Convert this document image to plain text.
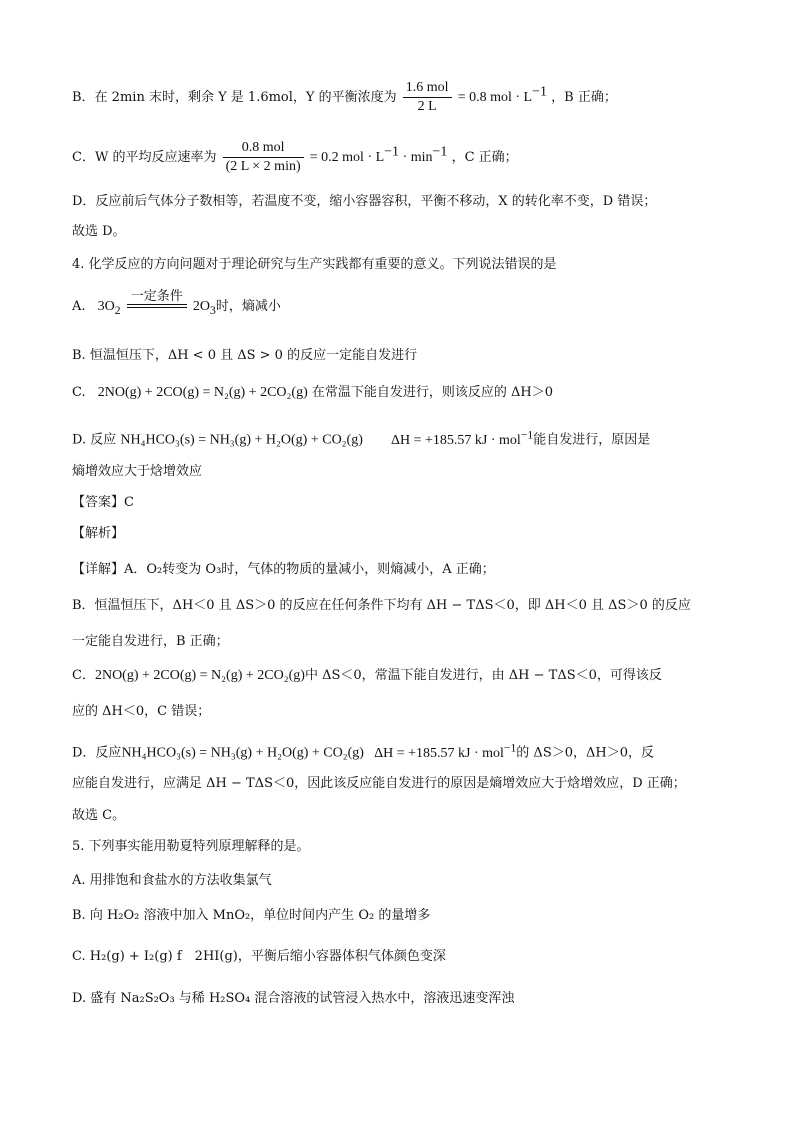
B．在 2min 末时，剩余 Y 是 1.6mol，Y 的平衡浓度为 $\frac{\text{1.6 mol}}{2 L} = 0.8$ mol · $L^{-1}$ ，B 正确；
C．W 的平均反应速率为 $\frac{\text{0.8 mol}}{(2 L \times 2 \min)} = 0.2$ mol · $L^{-1} \cdot \min^{-1}$ ，C 正确；
D．反应前后气体分子数相等，若温度不变，缩小容器容积，平衡不移动，X 的转化率不变，D 错误；
故选 D。
4. 化学反应的方向问题对于理论研究与生产实践都有重要的意义。下列说法错误的是
A. $3O_2$
一定条件
$2O_3$时，熵减小
B. 恒温恒压下，ΔH < 0 且 ΔS > 0 的反应一定能自发进行
C. 2NO(g) + 2CO(g) = N₂(g) + 2CO₂(g) 在常温下能自发进行，则该反应的 ΔH＞0
D. 反应 NH₄HCO₃(s) = NH₃(g) + H₂O(g) + CO₂(g) ΔH = +185.57 kJ · mol$^{-1}$能自发进行，原因是
熵增效应大于焓增效应
【答案】C
【解析】
【详解】A．O₂转变为 O₃时，气体的物质的量减小，则熵减小，A 正确；
B．恒温恒压下，ΔH＜0 且 ΔS＞0 的反应在任何条件下均有 ΔH − TΔS＜0，即 ΔH＜0 且 ΔS＞0 的反应
一定能自发进行，B 正确；
C．2NO(g) + 2CO(g) = N₂(g) + 2CO₂(g)中 ΔS＜0，常温下能自发进行，由 ΔH − TΔS＜0，可得该反
应的 ΔH＜0，C 错误；
D．反应NH₄HCO₃(s) = NH₃(g) + H₂O(g) + CO₂(g) ΔH = +185.57 kJ · mol$^{-1}$的 ΔS＞0，ΔH＞0，反
应能自发进行，应满足 ΔH − TΔS＜0，因此该反应能自发进行的原因是熵增效应大于焓增效应，D 正确；
故选 C。
5. 下列事实能用勒夏特列原理解释的是。
A. 用排饱和食盐水的方法收集氯气
B. 向 H₂O₂ 溶液中加入 MnO₂，单位时间内产生 O₂ 的量增多
C. H₂(g) + I₂(g) f　2HI(g)，平衡后缩小容器体积气体颜色变深
D. 盛有 Na₂S₂O₃ 与稀 H₂SO₄ 混合溶液的试管浸入热水中，溶液迅速变浑浊
